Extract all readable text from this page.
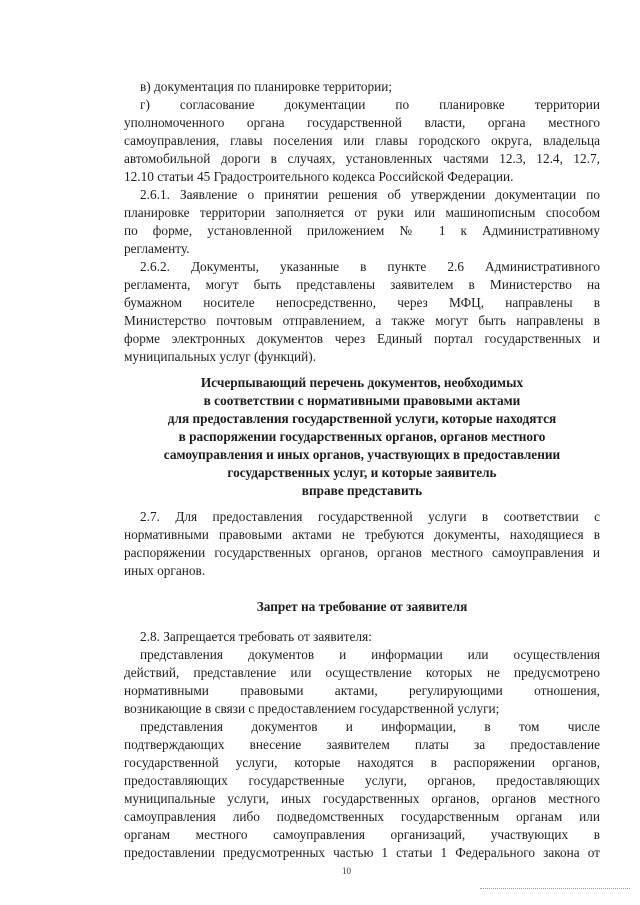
в) документация по планировке территории;
г) согласование документации по планировке территории
уполномоченного органа государственной власти, органа местного
самоуправления, главы поселения или главы городского округа, владельца
автомобильной дороги в случаях, установленных частями 12.3, 12.4, 12.7,
12.10 статьи 45 Градостроительного кодекса Российской Федерации.
2.6.1. Заявление о принятии решения об утверждении документации по
планировке территории заполняется от руки или машинописным способом
по форме, установленной приложением № 1 к Административному
регламенту.
2.6.2. Документы, указанные в пункте 2.6 Административного
регламента, могут быть представлены заявителем в Министерство на
бумажном носителе непосредственно, через МФЦ, направлены в
Министерство почтовым отправлением, а также могут быть направлены в
форме электронных документов через Единый портал государственных и
муниципальных услуг (функций).
Исчерпывающий перечень документов, необходимых
в соответствии с нормативными правовыми актами
для предоставления государственной услуги, которые находятся
в распоряжении государственных органов, органов местного
самоуправления и иных органов, участвующих в предоставлении
государственных услуг, и которые заявитель
вправе представить
2.7. Для предоставления государственной услуги в соответствии с
нормативными правовыми актами не требуются документы, находящиеся в
распоряжении государственных органов, органов местного самоуправления и
иных органов.
Запрет на требование от заявителя
2.8. Запрещается требовать от заявителя:
представления документов и информации или осуществления
действий, представление или осуществление которых не предусмотрено
нормативными правовыми актами, регулирующими отношения,
возникающие в связи с предоставлением государственной услуги;
представления документов и информации, в том числе
подтверждающих внесение заявителем платы за предоставление
государственной услуги, которые находятся в распоряжении органов,
предоставляющих государственные услуги, органов, предоставляющих
муниципальные услуги, иных государственных органов, органов местного
самоуправления либо подведомственных государственным органам или
органам местного самоуправления организаций, участвующих в
предоставлении предусмотренных частью 1 статьи 1 Федерального закона от
10
